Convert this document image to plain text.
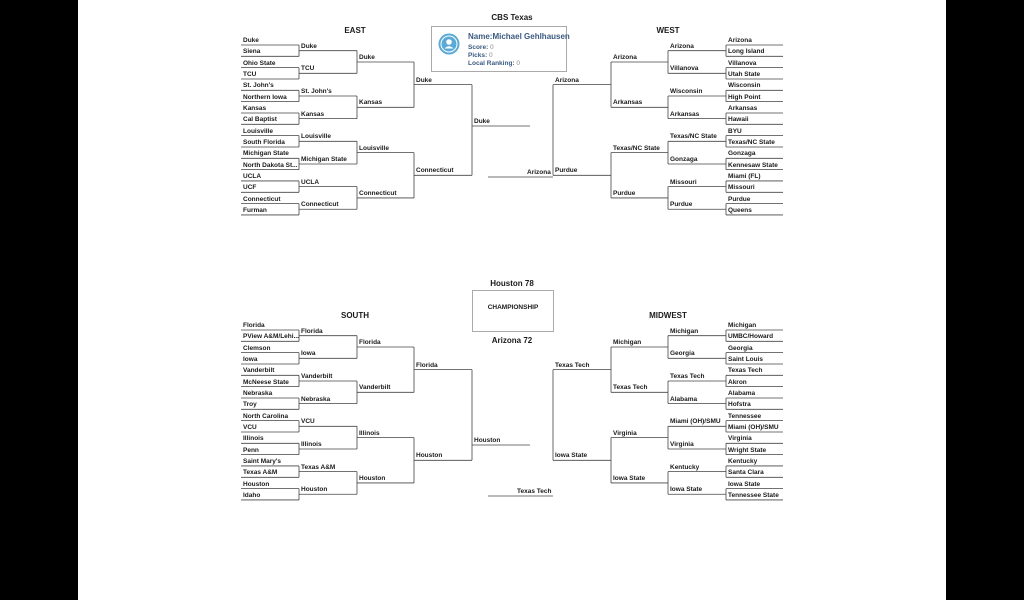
Duke
Siena
Ohio State
TCU
St. John's
Northern Iowa
Kansas
Cal Baptist
Louisville
South Florida
Michigan State
North Dakota St...
UCLA
UCF
Connecticut
Furman
Duke
TCU
St. John's
Kansas
Louisville
Michigan State
UCLA
Connecticut
Duke
Kansas
Louisville
Connecticut
Duke
Connecticut
Florida
PView A&M/Lehi...
Clemson
Iowa
Vanderbilt
McNeese State
Nebraska
Troy
North Carolina
VCU
Illinois
Penn
Saint Mary's
Texas A&M
Houston
Idaho
Florida
Iowa
Vanderbilt
Nebraska
VCU
Illinois
Texas A&M
Houston
Florida
Vanderbilt
Illinois
Houston
Florida
Houston
Arizona
Long Island
Villanova
Utah State
Wisconsin
High Point
Arkansas
Hawaii
BYU
Texas/NC State
Gonzaga
Kennesaw State
Miami (FL)
Missouri
Purdue
Queens
Arizona
Villanova
Wisconsin
Arkansas
Texas/NC State
Gonzaga
Missouri
Purdue
Arizona
Arkansas
Texas/NC State
Purdue
Arizona
Purdue
Michigan
UMBC/Howard
Georgia
Saint Louis
Texas Tech
Akron
Alabama
Hofstra
Tennessee
Miami (OH)/SMU
Virginia
Wright State
Kentucky
Santa Clara
Iowa State
Tennessee State
Michigan
Georgia
Texas Tech
Alabama
Miami (OH)/SMU
Virginia
Kentucky
Iowa State
Michigan
Texas Tech
Virginia
Iowa State
Texas Tech
Iowa State
Duke
Houston
Arizona
Texas Tech
EAST	WEST
SOUTH	MIDWEST
CBS Texas
Name:Michael Gehlhausen
Score: 0
Picks: 0
Local Ranking: 0
Houston 78
CHAMPIONSHIP
Arizona 72
